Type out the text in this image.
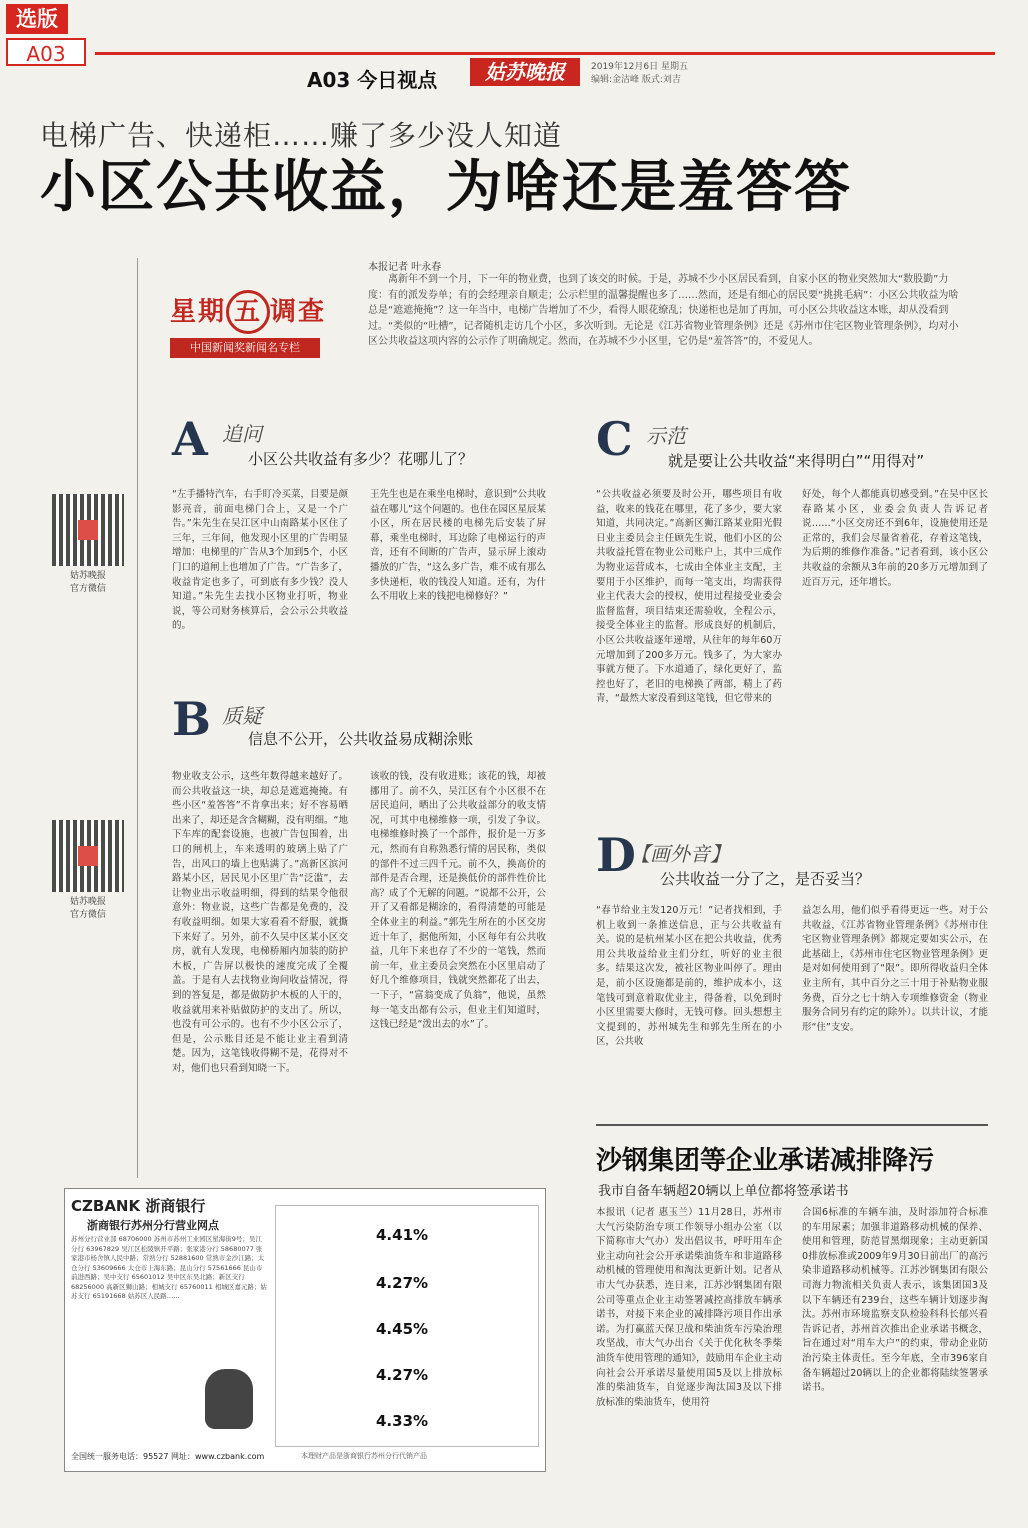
选版
A03
A03 今日视点	姑苏晚报	2019年12月6日 星期五
编辑:金洁峰 版式:刘吉
电梯广告、快递柜……赚了多少没人知道
小区公共收益，为啥还是羞答答
姑苏晚报
官方微信
姑苏晚报
官方微信
星期 五 调查
中国新闻奖新闻名专栏
本报记者 叶永春
离新年不到一个月，下一年的物业费，也到了该交的时候。于是，苏城不少小区居民看到，自家小区的物业突然加大“数股勤”力度：有的派发券单；有的会经理亲自顺走；公示栏里的温馨提醒也多了……然而，还是有细心的居民要“挑挑毛病”：小区公共收益为啥总是“遮遮掩掩”？这一年当中，电梯广告增加了不少，看得人眼花缭乱；快递柜也是加了再加，可小区公共收益这本账，却从没看到过。“类似的“吐槽”，记者随机走访几个小区，多次听到。无论是《江苏省物业管理条例》还是《苏州市住宅区物业管理条例》，均对小区公共收益这项内容的公示作了明确规定。然而，在苏城不少小区里，它仍是“羞答答”的，不爱见人。
A 追问
小区公共收益有多少？花哪儿了？
“左手播特汽车，右手盯冷买菜，目要是颜影亮音，前面电梯门合上，又是一个广告。”朱先生在吴江区中山南路某小区住了三年，三年间，他发现小区里的广告明显增加：电梯里的广告从3个加到5个，小区门口的道闸上也增加了广告。“广告多了，收益肯定也多了，可到底有多少钱？没人知道。”朱先生去找小区物业打听，物业说，等公司财务核算后，会公示公共收益的。
王先生也是在乘坐电梯时，意识到“公共收益在哪儿”这个问题的。也住在园区星辰某小区，所在居民楼的电梯先后安装了屏幕，乘坐电梯时，耳边除了电梯运行的声音，还有不间断的广告声，显示屏上滚动播放的广告，“这么多广告，难不成有那么多快递柜，收的钱没人知道。还有，为什么不用收上来的钱把电梯修好？”
B 质疑
信息不公开，公共收益易成糊涂账
物业收支公示，这些年数得越来越好了。而公共收益这一块，却总是遮遮掩掩。有些小区“羞答答”不肯拿出来；好不容易晒出来了，却还是含含糊糊，没有明细。“地下车库的配套设施，也被广告包围着，出口的闸机上，车来透明的玻璃上贴了广告，出风口的墙上也贴满了。”高新区滨河路某小区，居民见小区里广告“泛滥”，去让物业出示收益明细，得到的结果令他很意外：物业说，这些广告都是免费的，没有收益明细。如果大家看看不舒服，就撕下来好了。另外，前不久吴中区某小区交房，就有人发现，电梯桥厢内加装的防护木板，广告屏以极快的速度完成了全覆盖。于是有人去找物业询问收益情况，得到的答复是，都是做防护木板的人干的，收益就用来补贴做防护的支出了。所以，也没有可公示的。也有不少小区公示了，但是，公示账目还是不能让业主看到清楚。因为，这笔钱收得糊不是，花得对不对，他们也只看到知晓一下。
该收的钱，没有收进账；该花的钱，却被挪用了。前不久，吴江区有个小区很不在居民追问，晒出了公共收益部分的收支情况，可其中电梯维修一项，引发了争议。电梯维修时换了一个部件，报价是一万多元，然而有自称熟悉行情的居民称，类似的部件不过三四千元。前不久，换高价的部件是否合理，还是换低价的部件性价比高？成了个无解的问题。“说都不公开，公开了又看都是糊涂的，看得清楚的可能是全体业主的利益。”郭先生所在的小区交房近十年了，据他所知，小区每年有公共收益，几年下来也存了不少的一笔钱，然而前一年，业主委员会突然在小区里启动了好几个维修项目，钱就突然都花了出去，一下子，“富翁变成了负翁”，他说，虽然每一笔支出都有公示，但业主们知道时，这钱已经是“泼出去的水”了。
C 示范
就是要让公共收益“来得明白”“用得对”
“公共收益必须要及时公开，哪些项目有收益，收来的钱花在哪里，花了多少，要大家知道，共同决定。”高新区狮江路某业阳光假日业主委员会主任顾先生说，他们小区的公共收益托管在物业公司账户上，其中三成作为物业运营成本，七成由全体业主支配，主要用于小区维护，而每一笔支出，均需获得业主代表大会的授权，使用过程接受业委会监督监督，项目结束还需验收，全程公示，接受全体业主的监督。形成良好的机制后，小区公共收益逐年递增，从往年的每年60万元增加到了200多万元。钱多了，为大家办事就方便了。下水道通了，绿化更好了，监控也好了，老旧的电梯换了两部，精上了药青，“最然大家没看到这笔钱，但它带来的
好处，每个人都能真切感受到。”在吴中区长春路某小区，业委会负责人告诉记者说……“小区交房还不到6年，设施使用还是正常的，我们会尽量省着花，存着这笔钱，为后期的维修作准备。”记者看到，该小区公共收益的余额从3年前的20多万元增加到了近百万元，还年增长。
D
【画外音】
公共收益一分了之，是否妥当？
“春节给业主发120万元！”记者找相到，手机上收到一条推送信息，正与公共收益有关。说的是杭州某小区在把公共收益，优秀用公共收益给业主们分红，听好的业主很多。结果这次发，被社区物业叫停了。理由是，前小区设施都是前的，维护成本小，这笔钱可到意着取优业主，得备着，以免到时小区里需要大修时，无钱可修。回头想想主文提到的，苏州城先生和郭先生所在的小区，公共收
益怎么用，他们似乎看得更远一些。对于公共收益，《江苏省物业管理条例》《苏州市住宅区物业管理条例》都规定要如实公示，在此基础上，《苏州市住宅区物业管理条例》更是对如何使用到了“限”。即所得收益归全体业主所有，其中百分之三十用于补贴物业服务费，百分之七十纳入专项维修资金（物业服务合同另有约定的除外）。以共计议，才能形“住”支安。
沙钢集团等企业承诺减排降污
我市自备车辆超20辆以上单位都将签承诺书
本报讯（记者 惠玉兰）11月28日，苏州市大气污染防治专项工作领导小组办公室（以下简称市大气办）发出倡议书，呼吁用车企业主动向社会公开承诺柴油货车和非道路移动机械的管理使用和淘汰更新计划。记者从市大气办获悉，连日来，江苏沙钢集团有限公司等重点企业主动签署减控高排放车辆承诺书，对接下来企业的减排降污项目作出承诺。为打赢蓝天保卫战和柴油货车污染治理攻坚战，市大气办出台《关于优化秋冬季柴油货车使用管理的通知》，鼓励用车企业主动向社会公开承诺尽量使用国5及以上排放标准的柴油货车，自觉逐步淘汰国3及以下排放标准的柴油货车，使用符
合国6标准的车辆车油，及时添加符合标准的车用尿素；加强非道路移动机械的保养、使用和管理，防范冒黑烟现象；主动更新国0排放标准或2009年9月30日前出厂的高污染非道路移动机械等。江苏沙钢集团有限公司海力物流相关负责人表示，该集团国3及以下车辆还有239台，这些车辆计划逐步淘汰。苏州市环境监察支队检验科科长郁兴看告诉记者，苏州首次推出企业承诺书概念，旨在通过对“用车大户”的约束，带动企业防治污染主体责任。至今年底，全市396家自备车辆超过20辆以上的企业都将陆续签署承诺书。
CZBANK 浙商银行
浙商银行苏州分行营业网点
苏州分行营业部 68706000 苏州市苏州工业园区星海街9号；吴江分行 63967829 吴江区松陵镇开平路；张家港分行 58680077 张家港市杨舍镇人民中路；常熟分行 52881600 常熟市金沙江路；太仓分行 53609666 太仓市上海东路；昆山分行 57561666 昆山市前进西路；吴中支行 65601012 吴中区东吴北路；新区支行 68256000 高新区狮山路；相城支行 65760011 相城区嘉元路；姑苏支行 65191668 姑苏区人民路……
4.41%
4.27%
4.45%
4.27%
4.33%
全国统一服务电话：95527 网址：www.czbank.com	本理财产品是浙商银行苏州分行代销产品
